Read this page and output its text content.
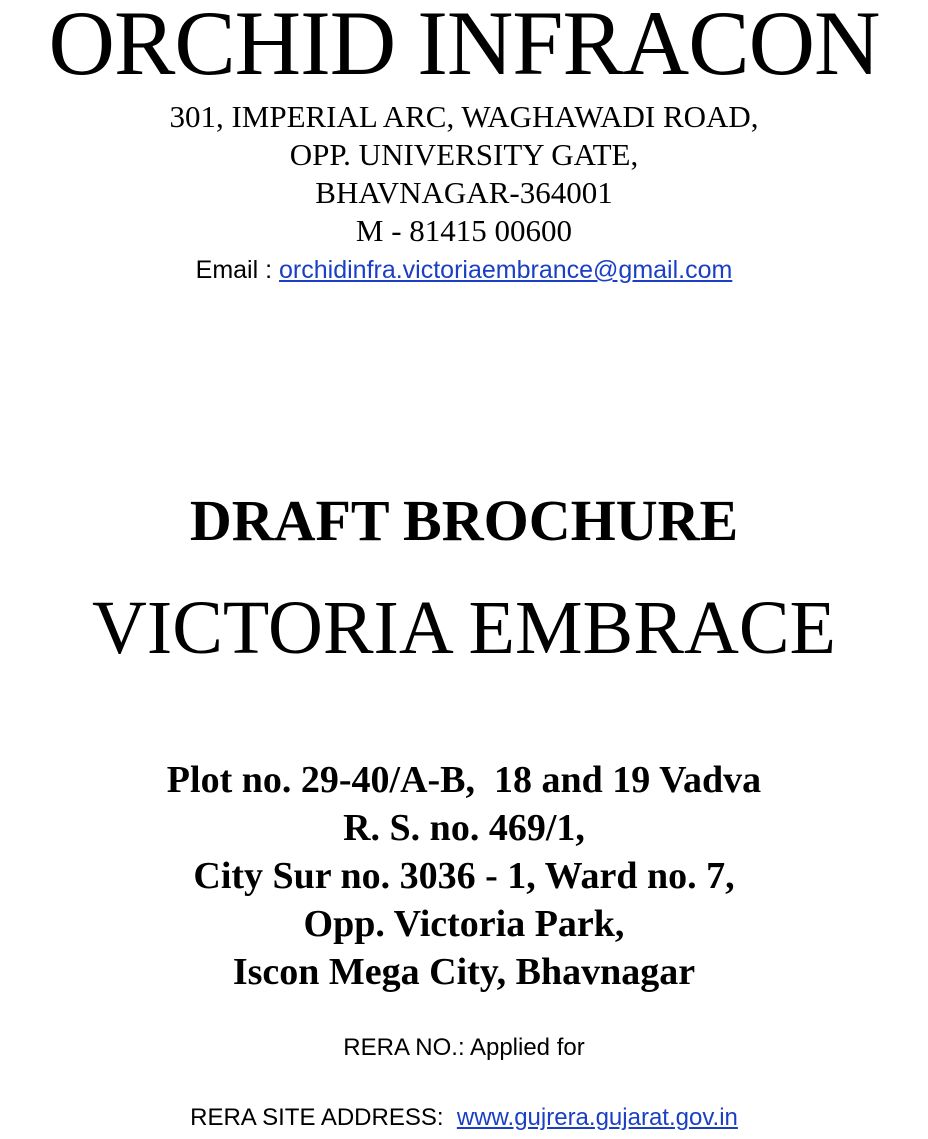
ORCHID INFRACON
301, IMPERIAL ARC, WAGHAWADI ROAD,
OPP. UNIVERSITY GATE,
BHAVNAGAR-364001
M - 81415 00600
Email : orchidinfra.victoriaembrance@gmail.com
DRAFT BROCHURE
VICTORIA EMBRACE
Plot no. 29-40/A-B,  18 and 19 Vadva
R. S. no. 469/1,
City Sur no. 3036 - 1, Ward no. 7,
Opp. Victoria Park,
Iscon Mega City, Bhavnagar
RERA NO.: Applied for
RERA SITE ADDRESS:  www.gujrera.gujarat.gov.in
